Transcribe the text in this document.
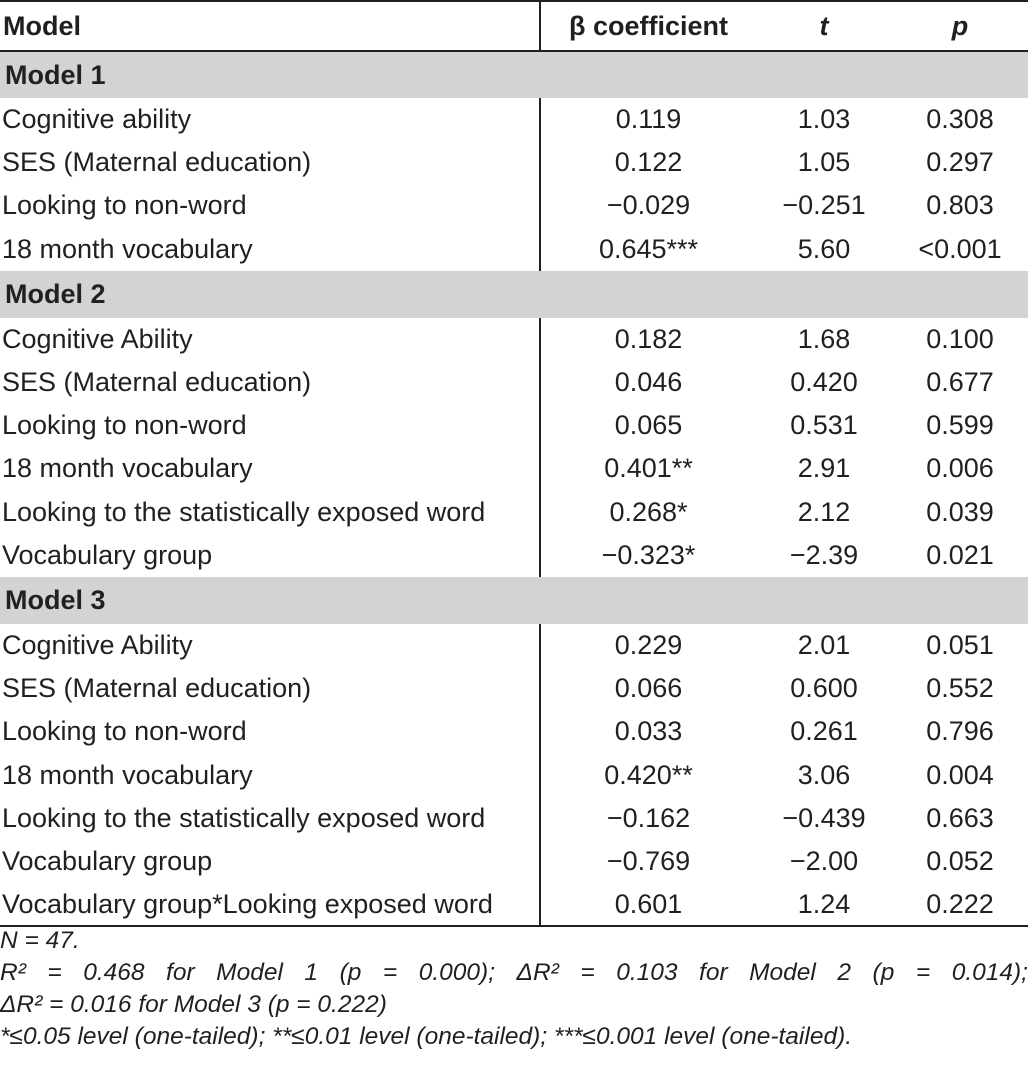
Model	β coefficient	t	p
Model 1			
Cognitive ability	0.119	1.03	0.308
SES (Maternal education)	0.122	1.05	0.297
Looking to non-word	−0.029	−0.251	0.803
18 month vocabulary	0.645***	5.60	<0.001
Model 2			
Cognitive Ability	0.182	1.68	0.100
SES (Maternal education)	0.046	0.420	0.677
Looking to non-word	0.065	0.531	0.599
18 month vocabulary	0.401**	2.91	0.006
Looking to the statistically exposed word	0.268*	2.12	0.039
Vocabulary group	−0.323*	−2.39	0.021
Model 3			
Cognitive Ability	0.229	2.01	0.051
SES (Maternal education)	0.066	0.600	0.552
Looking to non-word	0.033	0.261	0.796
18 month vocabulary	0.420**	3.06	0.004
Looking to the statistically exposed word	−0.162	−0.439	0.663
Vocabulary group	−0.769	−2.00	0.052
Vocabulary group*Looking exposed word	0.601	1.24	0.222

N = 47.

R² = 0.468 for Model 1 (p = 0.000); ΔR² = 0.103 for Model 2 (p = 0.014);

ΔR² = 0.016 for Model 3 (p = 0.222)

*≤0.05 level (one-tailed); **≤0.01 level (one-tailed); ***≤0.001 level (one-tailed).
